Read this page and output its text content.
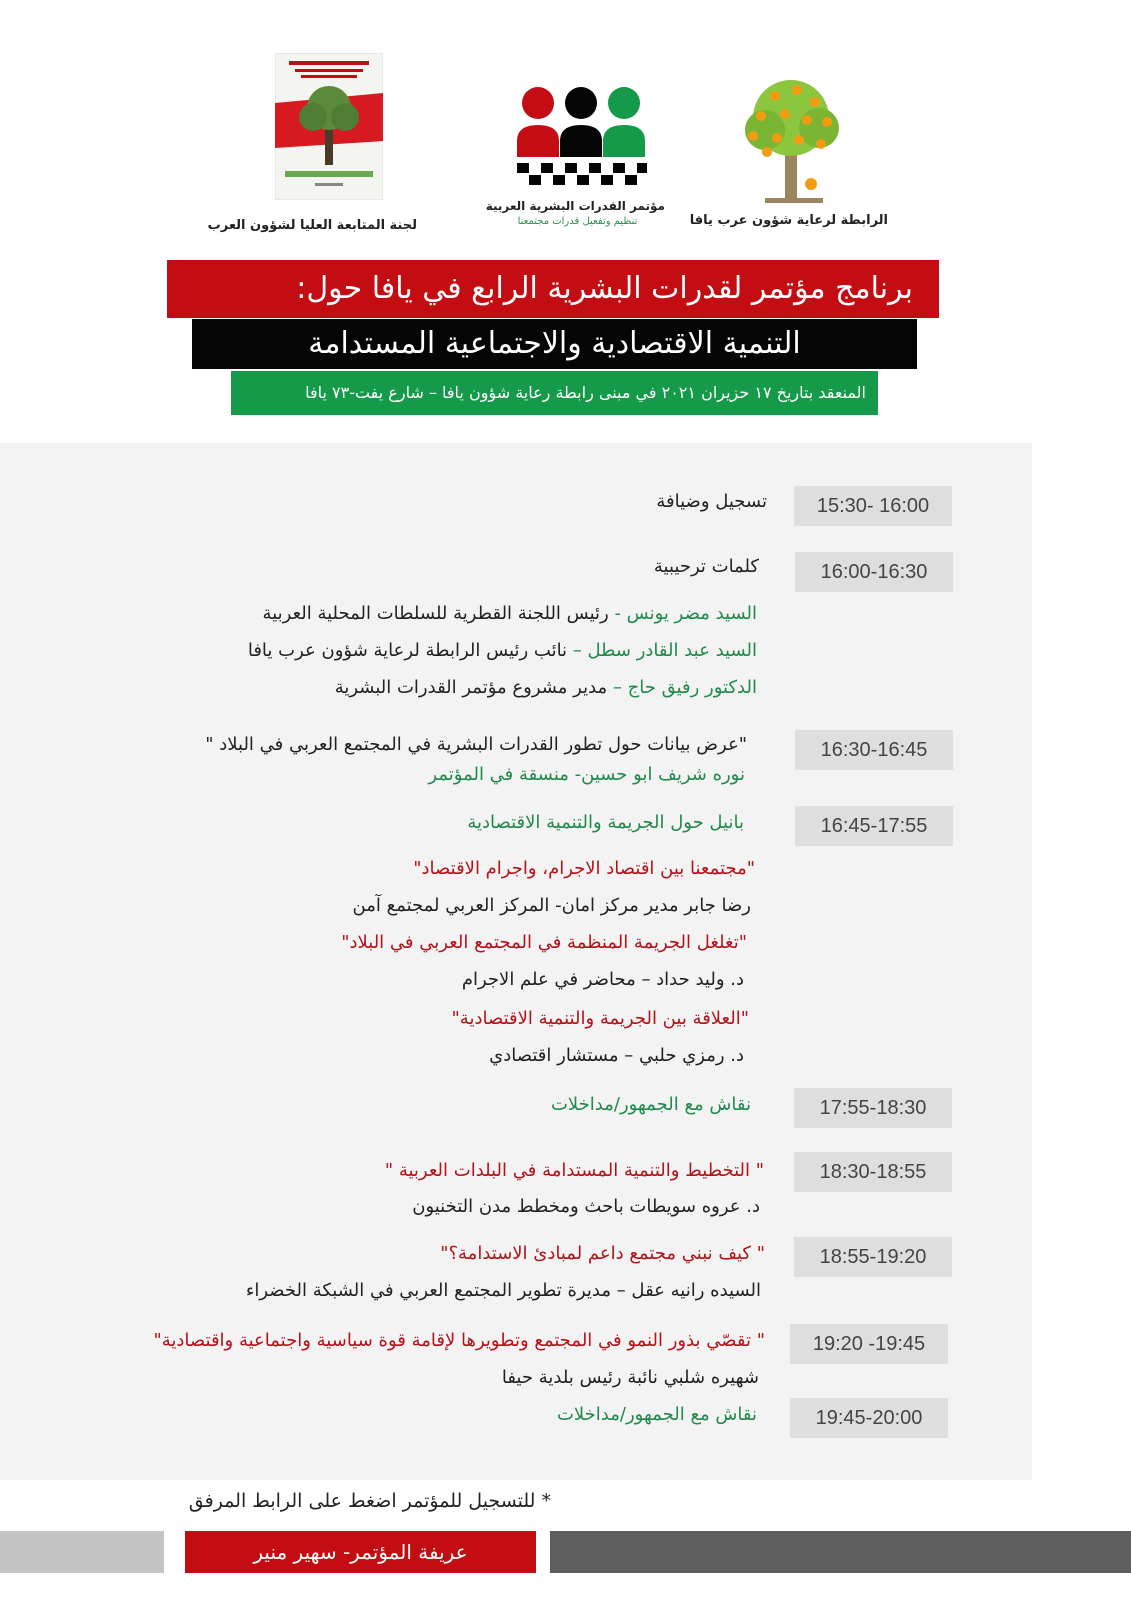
لجنة المتابعة العليا لشؤون العرب
مؤتمر القدرات البشرية العربية
تنظيم وتفعيل قدرات مجتمعنا	الرابطة لرعاية شؤون عرب يافا
برنامج مؤتمر لقدرات البشرية الرابع في يافا حول:
التنمية الاقتصادية والاجتماعية المستدامة
المنعقد بتاريخ ١٧ حزيران ٢٠٢١ في مبنى رابطة رعاية شؤون يافا – شارع يفت-٧٣ يافا
15:30- 16:00
16:00-16:30
16:30-16:45
16:45-17:55
17:55-18:30
18:30-18:55
18:55-19:20
19:20 -19:45
19:45-20:00
تسجيل وضيافة
كلمات ترحيبية
السيد مضر يونس - رئيس اللجنة القطرية للسلطات المحلية العربية
السيد عبد القادر سطل – نائب رئيس الرابطة لرعاية شؤون عرب يافا
الدكتور رفيق حاج – مدير مشروع مؤتمر القدرات البشرية
"عرض بيانات حول تطور القدرات البشرية في المجتمع العربي في البلاد "
نوره شريف ابو حسين- منسقة في المؤتمر
بانيل حول الجريمة والتنمية الاقتصادية
"مجتمعنا بين اقتصاد الاجرام، واجرام الاقتصاد"
رضا جابر مدير مركز امان- المركز العربي لمجتمع آمن
"تغلغل الجريمة المنظمة في المجتمع العربي في البلاد"
د. وليد حداد – محاضر في علم الاجرام
"العلاقة بين الجريمة والتنمية الاقتصادية"
د. رمزي حلبي – مستشار اقتصادي
نقاش مع الجمهور/مداخلات
" التخطيط والتنمية المستدامة في البلدات العربية "
د. عروه سويطات باحث ومخطط مدن التخنيون
" كيف نبني مجتمع داعم لمبادئ الاستدامة؟"
السيده رانيه عقل – مديرة تطوير المجتمع العربي في الشبكة الخضراء
" تقصّي بذور النمو في المجتمع وتطويرها لإقامة قوة سياسية واجتماعية واقتصادية"
شهيره شلبي نائبة رئيس بلدية حيفا
نقاش مع الجمهور/مداخلات
* للتسجيل للمؤتمر اضغط على الرابط المرفق
عريفة المؤتمر- سهير منير
